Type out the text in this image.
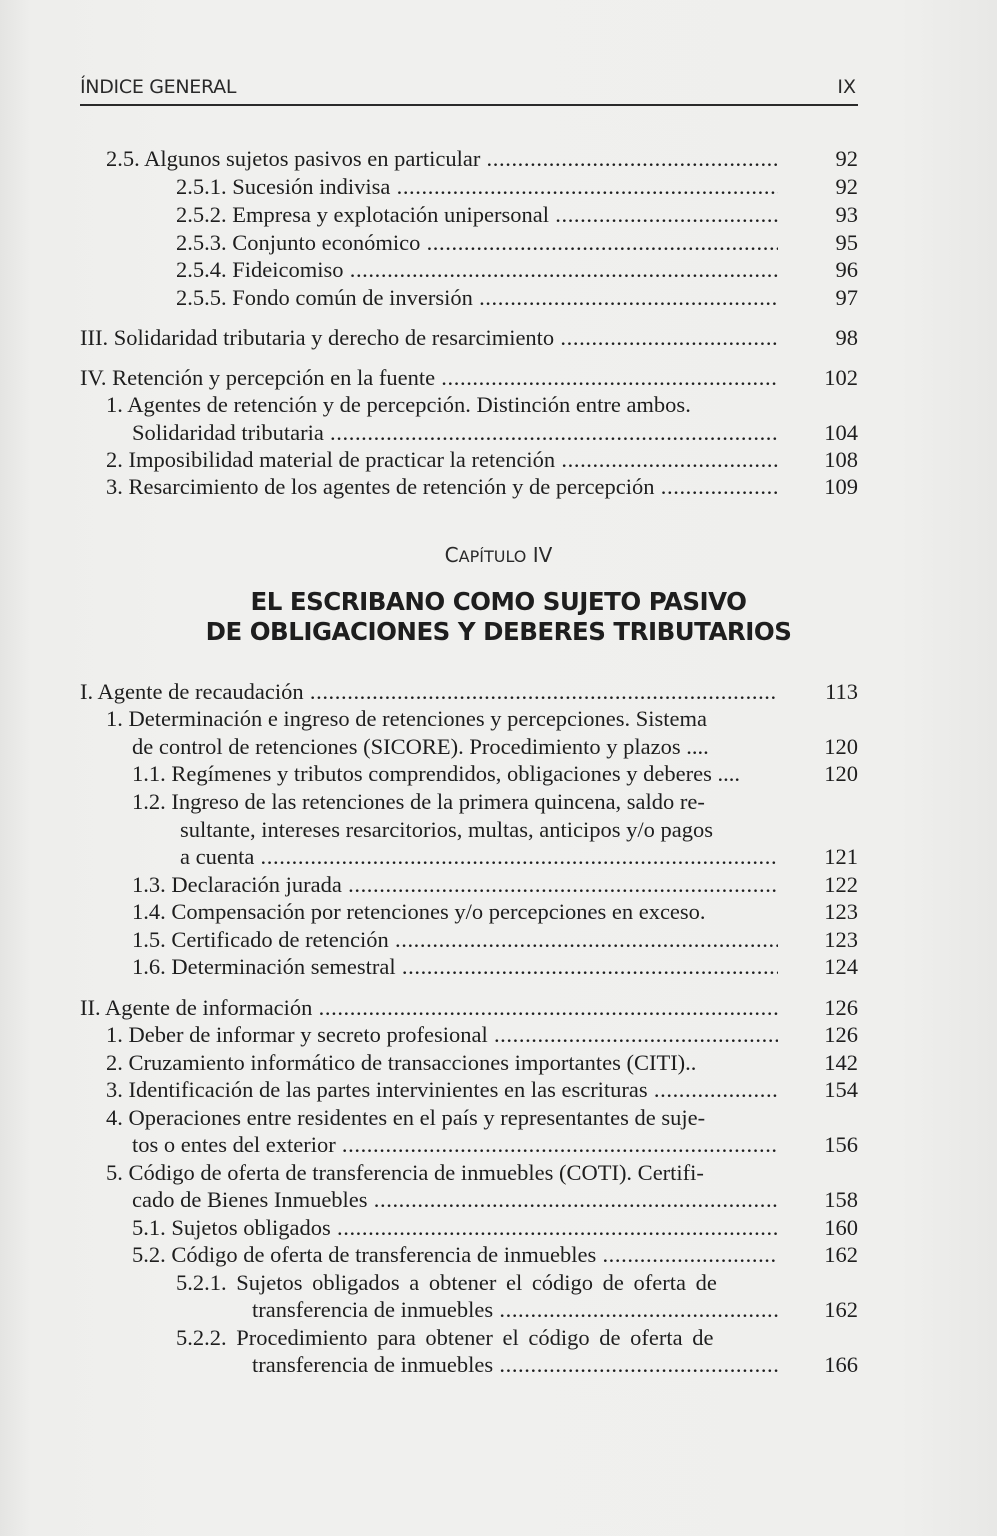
ÍNDICE GENERAL	IX
2.5. Algunos sujetos pasivos en particular .....	92
2.5.1. Sucesión indivisa .....	92
2.5.2. Empresa y explotación unipersonal .....	93
2.5.3. Conjunto económico .....	95
2.5.4. Fideicomiso .....	96
2.5.5. Fondo común de inversión .....	97
III. Solidaridad tributaria y derecho de resarcimiento .....	98
IV. Retención y percepción en la fuente .....	102
1. Agentes de retención y de percepción. Distinción entre ambos.
Solidaridad tributaria .....	104
2. Imposibilidad material de practicar la retención .....	108
3. Resarcimiento de los agentes de retención y de percepción .....	109
CAPÍTULO IV
EL ESCRIBANO COMO SUJETO PASIVO
DE OBLIGACIONES Y DEBERES TRIBUTARIOS
I. Agente de recaudación .....	113
1. Determinación e ingreso de retenciones y percepciones. Sistema
de control de retenciones (SICORE). Procedimiento y plazos ....	120
1.1. Regímenes y tributos comprendidos, obligaciones y deberes ....	120
1.2. Ingreso de las retenciones de la primera quincena, saldo re-
sultante, intereses resarcitorios, multas, anticipos y/o pagos
a cuenta .....	121
1.3. Declaración jurada .....	122
1.4. Compensación por retenciones y/o percepciones en exceso.	123
1.5. Certificado de retención .....	123
1.6. Determinación semestral .....	124
II. Agente de información .....	126
1. Deber de informar y secreto profesional .....	126
2. Cruzamiento informático de transacciones importantes (CITI)..	142
3. Identificación de las partes intervinientes en las escrituras .....	154
4. Operaciones entre residentes en el país y representantes de suje-
tos o entes del exterior .....	156
5. Código de oferta de transferencia de inmuebles (COTI). Certifi-
cado de Bienes Inmuebles .....	158
5.1. Sujetos obligados .....	160
5.2. Código de oferta de transferencia de inmuebles .....	162
5.2.1. Sujetos obligados a obtener el código de oferta de
transferencia de inmuebles .....	162
5.2.2. Procedimiento para obtener el código de oferta de
transferencia de inmuebles .....	166
